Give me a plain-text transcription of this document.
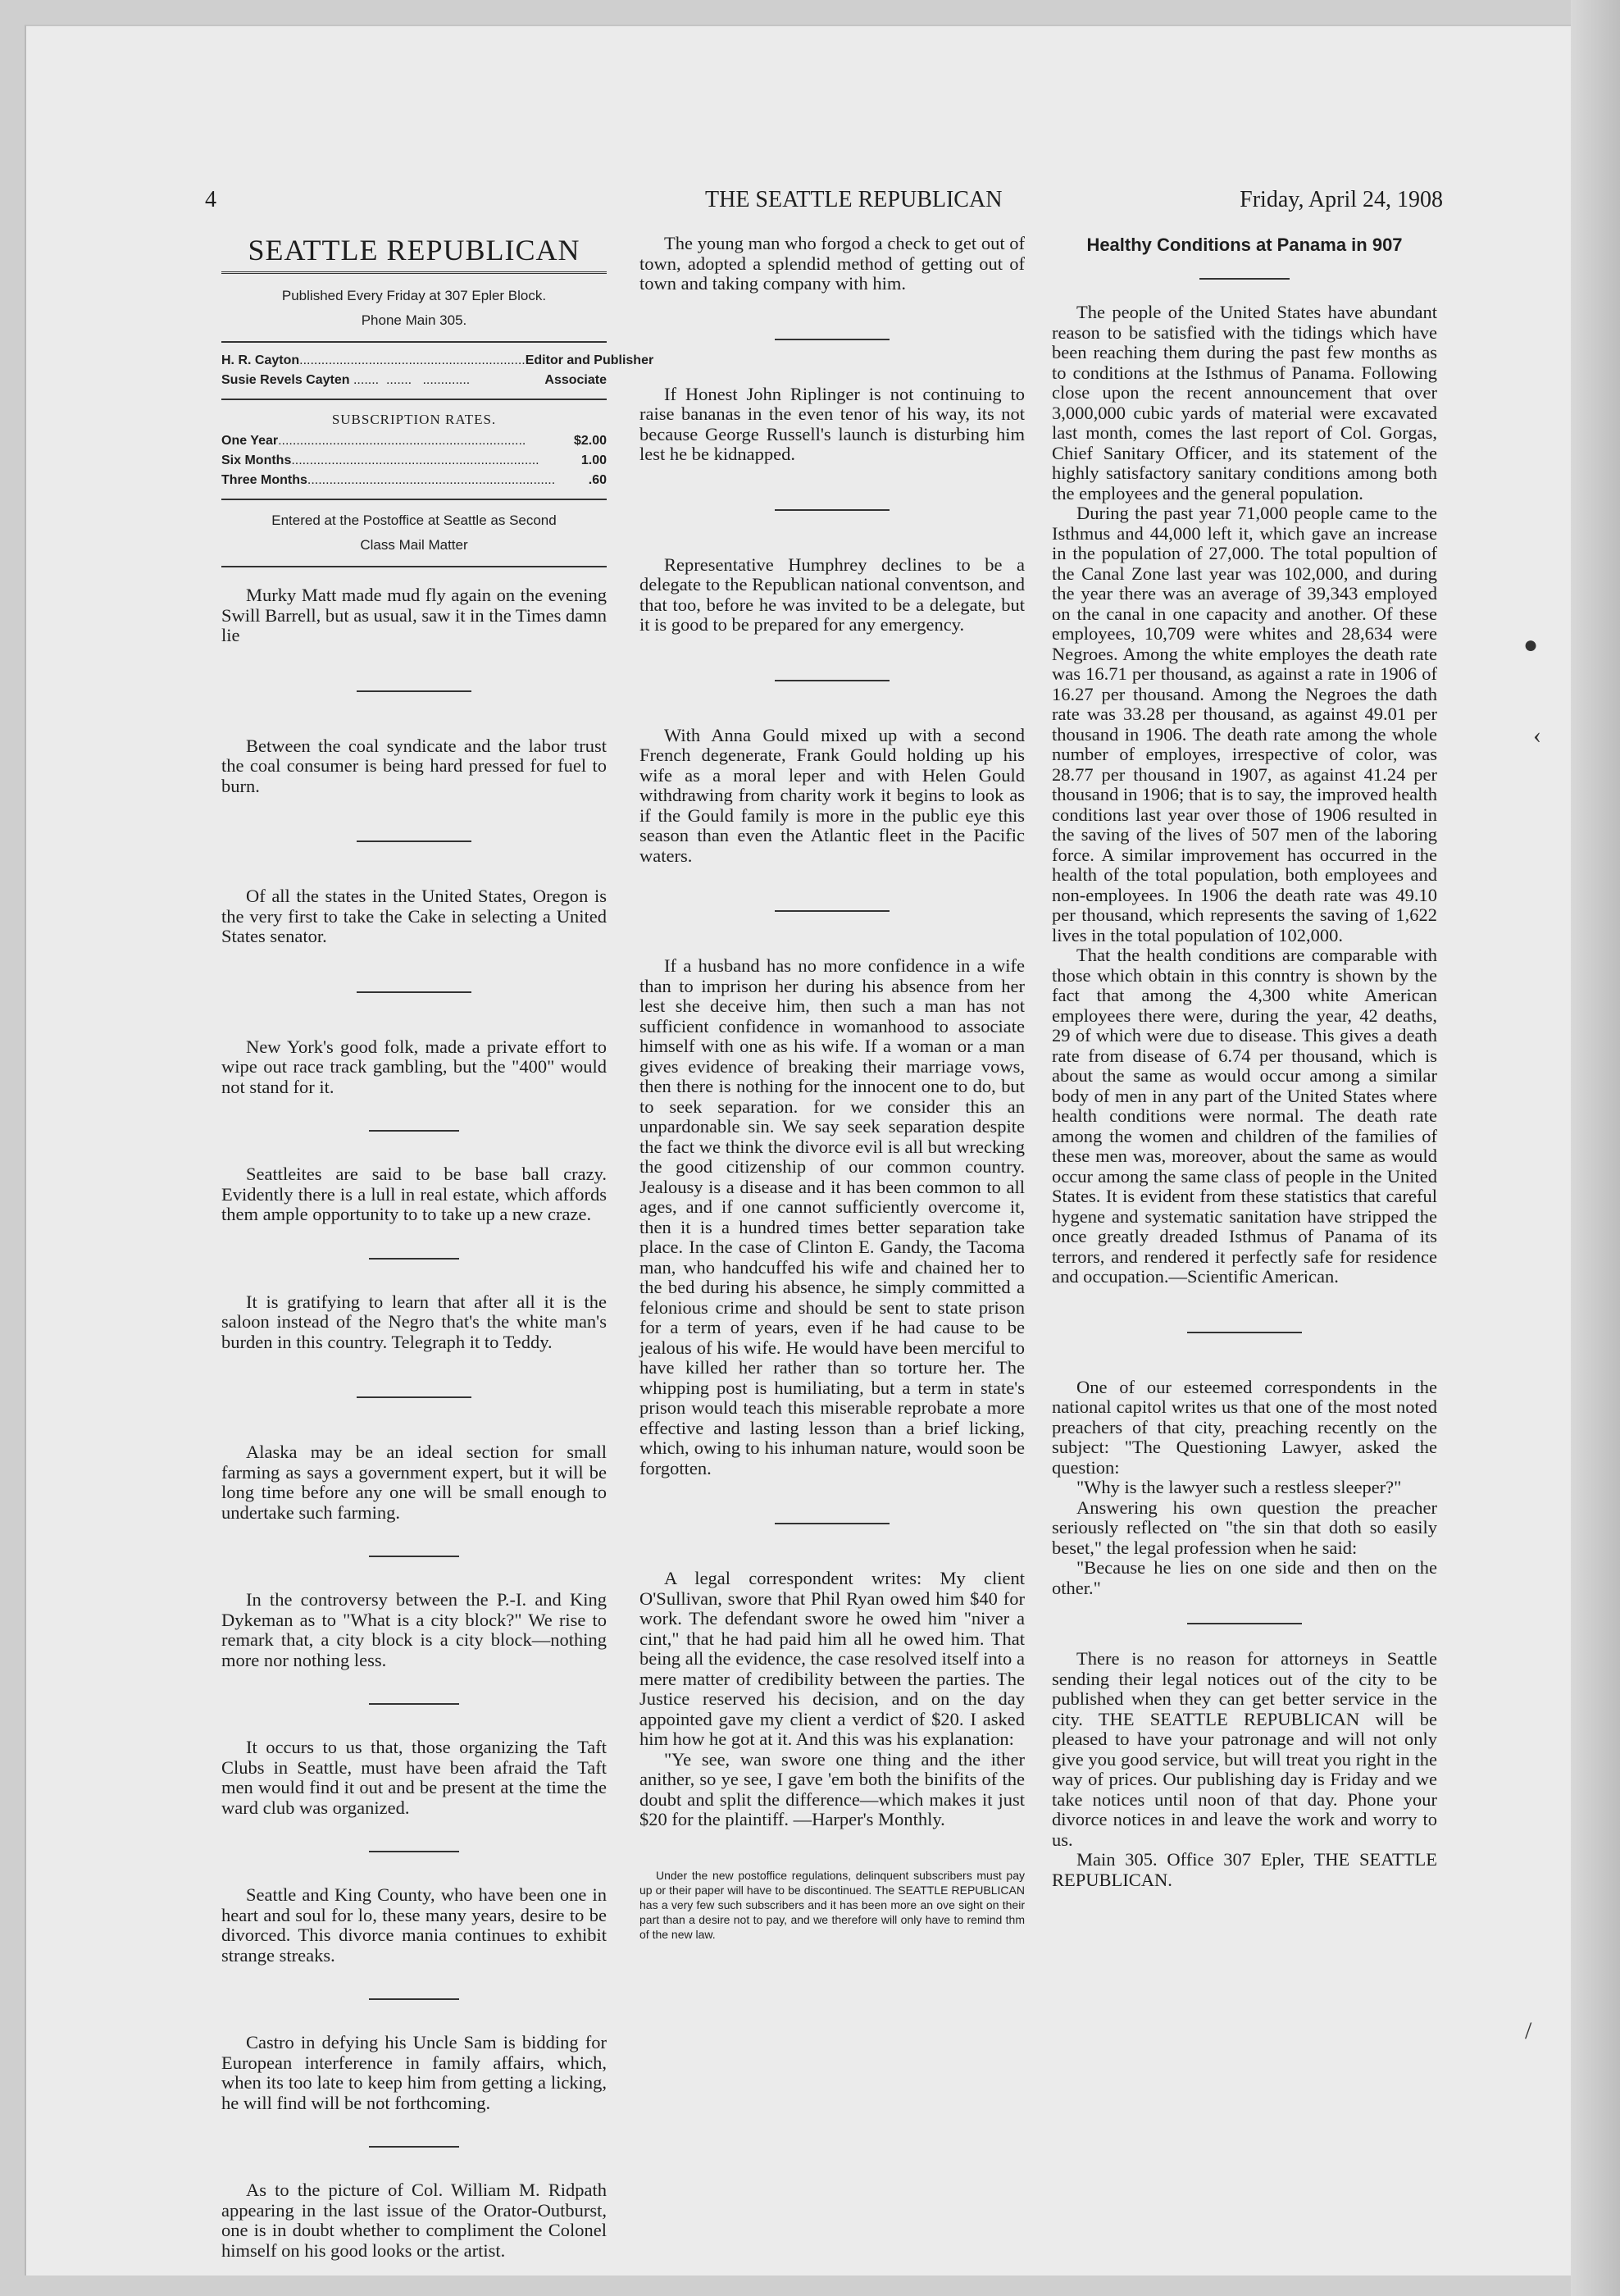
4	THE SEATTLE REPUBLICAN	Friday, April 24, 1908
SEATTLE REPUBLICAN
Published Every Friday at 307 Epler Block.
Phone Main 305.
H. R. Cayton .............................................................. Editor and Publisher
Susie Revels Cayten .......  .......   .............	Associate
SUBSCRIPTION RATES.
One Year ....................................................................	$2.00
Six Months ....................................................................	1.00
Three Months ....................................................................	.60
Entered at the Postoffice at Seattle as Second
Class Mail Matter

Murky Matt made mud fly again on the evening Swill Barrell, but as usual, saw it in the Times damn lie

Between the coal syndicate and the labor trust the coal consumer is being hard pressed for fuel to burn.

Of all the states in the United States, Oregon is the very first to take the Cake in selecting a United States senator.

New York's good folk, made a private effort to wipe out race track gambling, but the "400" would not stand for it.

Seattleites are said to be base ball crazy. Evidently there is a lull in real estate, which affords them ample opportunity to to take up a new craze.

It is gratifying to learn that after all it is the saloon instead of the Negro that's the white man's burden in this country. Telegraph it to Teddy.

Alaska may be an ideal section for small farming as says a government expert, but it will be long time before any one will be small enough to undertake such farming.

In the controversy between the P.-I. and King Dykeman as to "What is a city block?" We rise to remark that, a city block is a city block—nothing more nor nothing less.

It occurs to us that, those organizing the Taft Clubs in Seattle, must have been afraid the Taft men would find it out and be present at the time the ward club was organized.

Seattle and King County, who have been one in heart and soul for lo, these many years, desire to be divorced. This divorce mania continues to exhibit strange streaks.

Castro in defying his Uncle Sam is bidding for European interference in family affairs, which, when its too late to keep him from getting a licking, he will find will be not forthcoming.

As to the picture of Col. William M. Ridpath appearing in the last issue of the Orator-Outburst, one is in doubt whether to compliment the Colonel himself on his good looks or the artist.

The young man who forgod a check to get out of town, adopted a splendid method of getting out of town and taking company with him.

If Honest John Riplinger is not continuing to raise bananas in the even tenor of his way, its not because George Russell's launch is disturbing him lest he be kidnapped.

Representative Humphrey declines to be a delegate to the Republican national conventson, and that too, before he was invited to be a delegate, but it is good to be prepared for any emergency.

With Anna Gould mixed up with a second French degenerate, Frank Gould holding up his wife as a moral leper and with Helen Gould withdrawing from charity work it begins to look as if the Gould family is more in the public eye this season than even the Atlantic fleet in the Pacific waters.

If a husband has no more confidence in a wife than to imprison her during his absence from her lest she deceive him, then such a man has not sufficient confidence in womanhood to associate himself with one as his wife. If a woman or a man gives evidence of breaking their marriage vows, then there is nothing for the innocent one to do, but to seek separation. for we consider this an unpardonable sin. We say seek separation despite the fact we think the divorce evil is all but wrecking the good citizenship of our common country. Jealousy is a disease and it has been common to all ages, and if one cannot sufficiently overcome it, then it is a hundred times better separation take place. In the case of Clinton E. Gandy, the Tacoma man, who handcuffed his wife and chained her to the bed during his absence, he simply committed a felonious crime and should be sent to state prison for a term of years, even if he had cause to be jealous of his wife. He would have been merciful to have killed her rather than so torture her. The whipping post is humiliating, but a term in state's prison would teach this miserable reprobate a more effective and lasting lesson than a brief licking, which, owing to his inhuman nature, would soon be forgotten.

A legal correspondent writes: My client O'Sullivan, swore that Phil Ryan owed him $40 for work. The defendant swore he owed him "niver a cint," that he had paid him all he owed him. That being all the evidence, the case resolved itself into a mere matter of credibility between the parties. The Justice reserved his decision, and on the day appointed gave my client a verdict of $20. I asked him how he got at it. And this was his explanation:

"Ye see, wan swore one thing and the ither anither, so ye see, I gave 'em both the binifits of the doubt and split the difference—which makes it just $20 for the plaintiff. —Harper's Monthly.

Under the new postoffice regulations, delinquent subscribers must pay up or their paper will have to be discontinued. The SEATTLE REPUBLICAN has a very few such subscribers and it has been more an ove sight on their part than a desire not to pay, and we therefore will only have to remind thm of the new law.

Healthy Conditions at Panama in 907

The people of the United States have abundant reason to be satisfied with the tidings which have been reaching them during the past few months as to conditions at the Isthmus of Panama. Following close upon the recent announcement that over 3,000,000 cubic yards of material were excavated last month, comes the last report of Col. Gorgas, Chief Sanitary Officer, and its statement of the highly satisfactory sanitary conditions among both the employees and the general population.

During the past year 71,000 people came to the Isthmus and 44,000 left it, which gave an increase in the population of 27,000. The total popultion of the Canal Zone last year was 102,000, and during the year there was an average of 39,343 employed on the canal in one capacity and another. Of these employees, 10,709 were whites and 28,634 were Negroes. Among the white employes the death rate was 16.71 per thousand, as against a rate in 1906 of 16.27 per thousand. Among the Negroes the dath rate was 33.28 per thousand, as against 49.01 per thousand in 1906. The death rate among the whole number of employes, irrespective of color, was 28.77 per thousand in 1907, as against 41.24 per thousand in 1906; that is to say, the improved health conditions last year over those of 1906 resulted in the saving of the lives of 507 men of the laboring force. A similar improvement has occurred in the health of the total population, both employees and non-employees. In 1906 the death rate was 49.10 per thousand, which represents the saving of 1,622 lives in the total population of 102,000.

That the health conditions are comparable with those which obtain in this conntry is shown by the fact that among the 4,300 white American employees there were, during the year, 42 deaths, 29 of which were due to disease. This gives a death rate from disease of 6.74 per thousand, which is about the same as would occur among a similar body of men in any part of the United States where health conditions were normal. The death rate among the women and children of the families of these men was, moreover, about the same as would occur among the same class of people in the United States. It is evident from these statistics that careful hygene and systematic sanitation have stripped the once greatly dreaded Isthmus of Panama of its terrors, and rendered it perfectly safe for residence and occupation.—Scientific American.

One of our esteemed correspondents in the national capitol writes us that one of the most noted preachers of that city, preaching recently on the subject: "The Questioning Lawyer, asked the question:

"Why is the lawyer such a restless sleeper?"

Answering his own question the preacher seriously reflected on "the sin that doth so easily beset," the legal profession when he said:

"Because he lies on one side and then on the other."

There is no reason for attorneys in Seattle sending their legal notices out of the city to be published when they can get better service in the city. THE SEATTLE REPUBLICAN will be pleased to have your patronage and will not only give you good service, but will treat you right in the way of prices. Our publishing day is Friday and we take notices until noon of that day. Phone your divorce notices in and leave the work and worry to us.

Main 305. Office 307 Epler, THE SEATTLE REPUBLICAN.

●
‹
/
